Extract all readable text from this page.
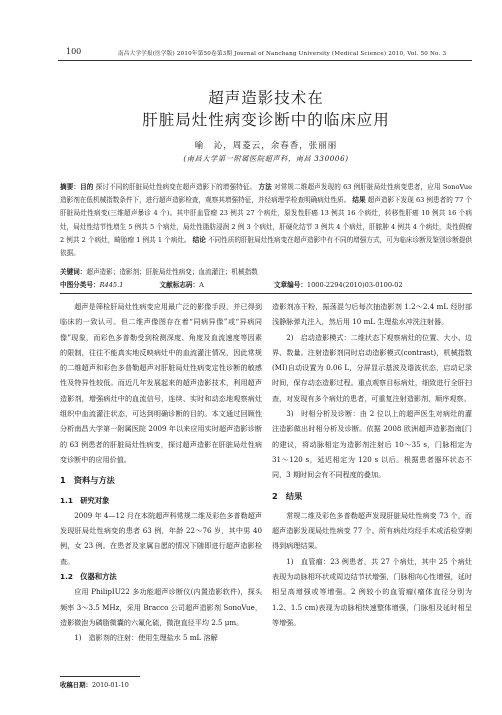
100	南昌大学学报(医学版) 2010年第50卷第3期 Journal of Nanchang University (Medical Science) 2010, Vol. 50 No. 3
超声造影技术在
肝脏局灶性病变诊断中的临床应用
喻　沁，周菱云，余春香，张丽丽
(南昌大学第一附属医院超声科，南昌 330006)
摘要：目的 探讨不同的肝脏局灶性病变在超声造影下的增强特征。 方法 对常规二维超声发现的 63 例肝脏局灶性病变患者，应用 SonoVue 造影剂在低机械指数条件下，进行超声造影检查，观察其增强特征，并经病理学检查明确病灶性质。 结果 超声造影下发现 63 例患者的 77 个肝脏局灶性病变(三维超声暴诊 4 个)。其中肝血管瘤 23 例共 27 个病灶，原发性肝癌 13 例共 16 个病灶，转移性肝癌 10 例共 16 个病灶，局灶性结节性增生 5 例共 5 个病灶，局灶性脂肪浸润 2 例 3 个病灶，肝硬化结节 3 例共 4 个病灶，肝脓肿 4 例共 4 个病灶，炎性假瘤 2 例共 2 个病灶，畸胎瘤 1 例共 1 个病灶。 结论 不同性质的肝脏局灶性病变在超声造影中有不同的增强方式，可为临床诊断及鉴别诊断提供依据。
关键词：超声造影；造影剂；肝脏局灶性病变；血流灌注；机械指数
中图分类号：R445.1	文献标志码：A	文章编号：1000-2294(2010)03-0100-02

超声是筛检肝局灶性病变应用最广泛的影像手段，并已得到临床的一致认可。但二维声像图存在着“同病异像”或“异病同像”现象，而彩色多普勒受到检测深度、角度及血流速度等因素的限制，往往不能真实地反映病灶中的血流灌注情况，因此常规的二维超声和彩色多普勒超声对肝脏局灶性病变定性诊断的敏感性及特异性较低。而近几年发展起来的超声造影技术，利用超声造影剂，增强病灶中的血流信号，连续、实时和动态地观察病灶组织中血流灌注状态，可达到明确诊断的目的。本文通过回顾性分析南昌大学第一附属医院 2009 年以来应用实时超声造影诊断的 63 例患者的肝脏局灶性病变，探讨超声造影在肝脏局灶性病变诊断中的应用价值。

1　资料与方法
1.1　研究对象

2009 年 4—12 月在本院超声科常规二维及彩色多普勒超声发现肝局灶性病变的患者 63 例，年龄 22～76 岁，其中男 40 例，女 23 例。在患者及家属自愿的情况下随即进行超声造影检查。

1.2　仪器和方法

应用 PhilipIU22 多功能超声诊断仪(内置造影软件)，探头频率 3～3.5 MHz，采用 Bracco 公司超声造影剂 SonoVue，造影微泡为磷脂微囊的六氟化硫，微泡直径平均 2.5 μm。

1)　造影剂的注射：使用生理盐水 5 mL 溶解

造影剂冻干粉，振荡混匀后每次抽造影剂 1.2～2.4 mL 经肘部浅静脉弹丸注入，然后用 10 mL 生理盐水冲洗注射器。

2)　启动造影模式：二维状态下观察病灶的位置、大小、边界、数量。注射造影剂同时启动造影模式(contrast)，机械指数(MI)自动设置为 0.06 L，分屏显示基波及谐波状态，启动记录时间，保存动态造影过程。重点观察目标病灶，细致进行全肝扫查，对发现有多个病灶的患者，可重复注射造影剂，顺序观察。

3)　时相分析及诊断：由 2 位以上的超声医生对病灶的灌注造影做出时相分析及诊断。依据 2008 欧洲超声造影指南[门的建议，将动脉相定为造影剂注射后 10～35 s，门脉相定为 31～120 s，延迟相定为 120 s 以后。根据患者器环状态不同，3 期时间会有不同程度的叠加。

2　结果

常规二维及彩色多普勒超声发现肝脏局灶性病变 73 个，而超声造影发现局灶性病变 77 个。所有病灶均经手术或活检穿刺得到病理结果。

1)　血管瘤：23 例患者，共 27 个病灶，其中 25 个病灶表现为动脉相环状或周边结节状增强，门脉相向心性增强，延时相呈高增强或等增强。2 例较小的血管瘤(瘤体直径分别为 1.2、1.5 cm)表现为动脉相快速整体增强，门脉相及延时相呈等增强。

收稿日期：2010-01-10
